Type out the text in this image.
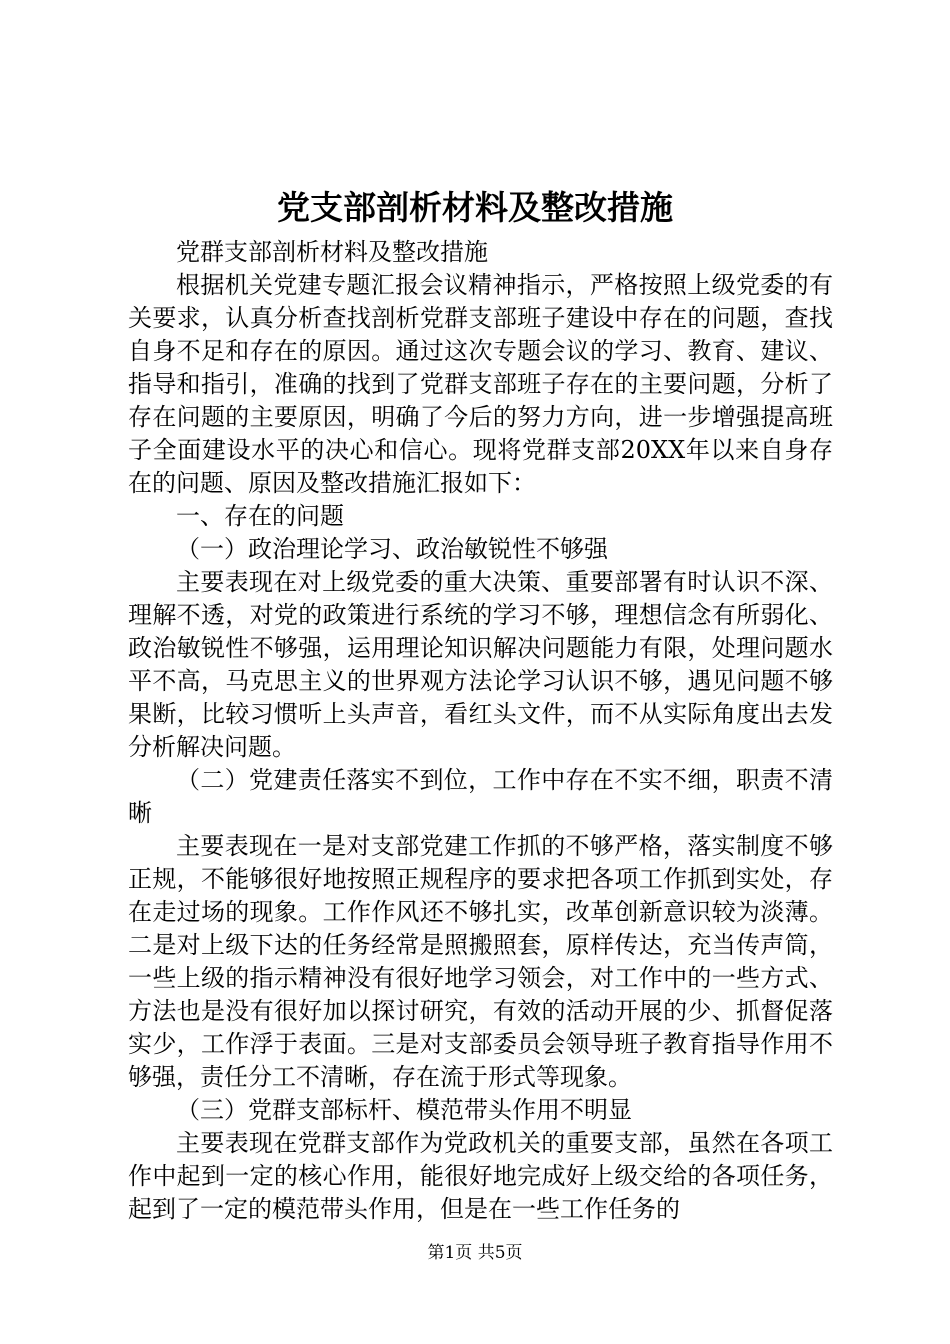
党支部剖析材料及整改措施

党群支部剖析材料及整改措施

根据机关党建专题汇报会议精神指示，严格按照上级党委的有关要求，认真分析查找剖析党群支部班子建设中存在的问题，查找自身不足和存在的原因。通过这次专题会议的学习、教育、建议、指导和指引，准确的找到了党群支部班子存在的主要问题，分析了存在问题的主要原因，明确了今后的努力方向，进一步增强提高班子全面建设水平的决心和信心。现将党群支部20XX年以来自身存在的问题、原因及整改措施汇报如下：

一、存在的问题

（一）政治理论学习、政治敏锐性不够强

主要表现在对上级党委的重大决策、重要部署有时认识不深、理解不透，对党的政策进行系统的学习不够，理想信念有所弱化、政治敏锐性不够强，运用理论知识解决问题能力有限，处理问题水平不高，马克思主义的世界观方法论学习认识不够，遇见问题不够果断，比较习惯听上头声音，看红头文件，而不从实际角度出去发分析解决问题。

（二）党建责任落实不到位，工作中存在不实不细，职责不清晰

主要表现在一是对支部党建工作抓的不够严格，落实制度不够正规，不能够很好地按照正规程序的要求把各项工作抓到实处，存在走过场的现象。工作作风还不够扎实，改革创新意识较为淡薄。二是对上级下达的任务经常是照搬照套，原样传达，充当传声筒，一些上级的指示精神没有很好地学习领会，对工作中的一些方式、方法也是没有很好加以探讨研究，有效的活动开展的少、抓督促落实少，工作浮于表面。三是对支部委员会领导班子教育指导作用不够强，责任分工不清晰，存在流于形式等现象。

（三）党群支部标杆、模范带头作用不明显

主要表现在党群支部作为党政机关的重要支部，虽然在各项工作中起到一定的核心作用，能很好地完成好上级交给的各项任务，起到了一定的模范带头作用，但是在一些工作任务的

第1页 共5页
